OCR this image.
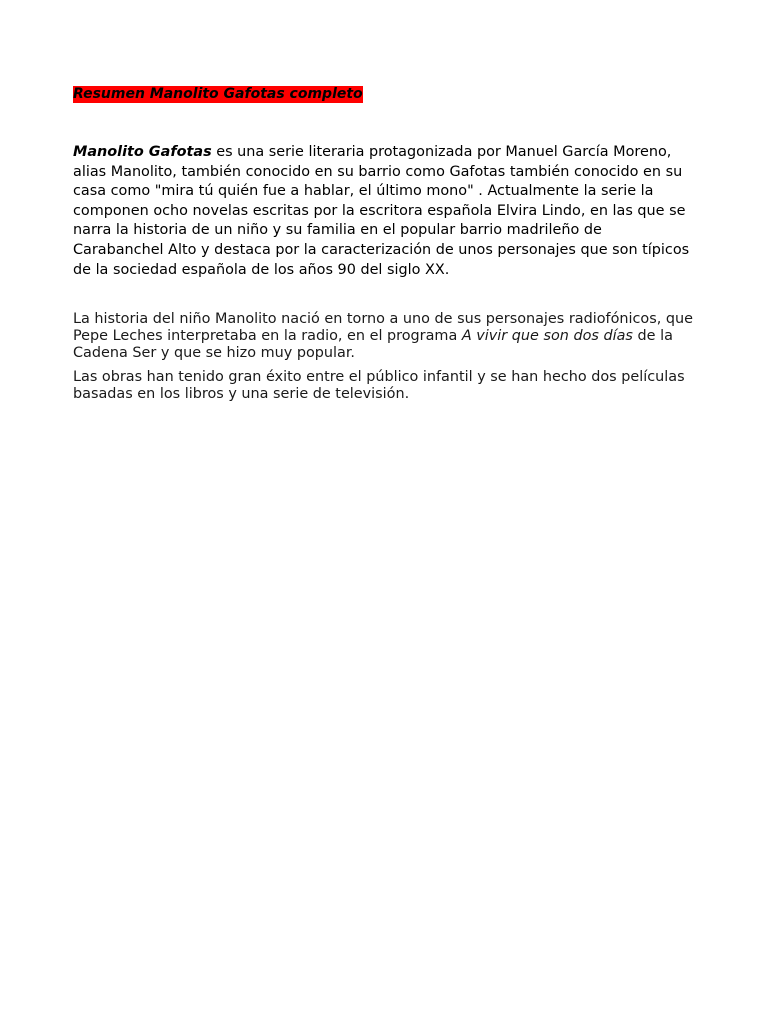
Resumen Manolito Gafotas completo

Manolito Gafotas es una serie literaria protagonizada por Manuel García Moreno, alias Manolito, también conocido en su barrio como Gafotas también conocido en su casa como "mira tú quién fue a hablar, el último mono" . Actualmente la serie la componen ocho novelas escritas por la escritora española Elvira Lindo, en las que se narra la historia de un niño y su familia en el popular barrio madrileño de Carabanchel Alto y destaca por la caracterización de unos personajes que son típicos de la sociedad española de los años 90 del siglo XX.

La historia del niño Manolito nació en torno a uno de sus personajes radiofónicos, que Pepe Leches interpretaba en la radio, en el programa A vivir que son dos días de la Cadena Ser y que se hizo muy popular.

Las obras han tenido gran éxito entre el público infantil y se han hecho dos películas basadas en los libros y una serie de televisión.
